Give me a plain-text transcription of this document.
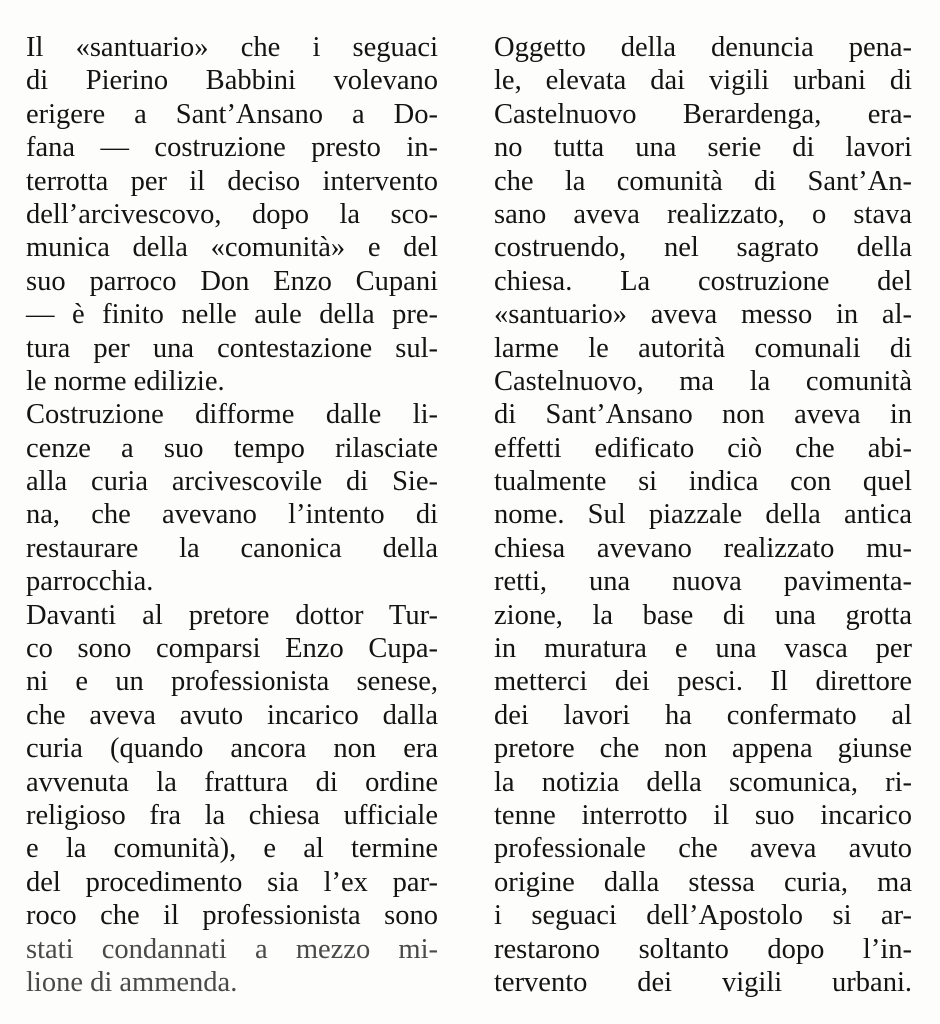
Il «santuario» che i seguaci
di Pierino Babbini volevano
erigere a Sant’Ansano a Do-
fana — costruzione presto in-
terrotta per il deciso intervento
dell’arcivescovo, dopo la sco-
munica della «comunità» e del
suo parroco Don Enzo Cupani
— è finito nelle aule della pre-
tura per una contestazione sul-
le norme edilizie.
Costruzione difforme dalle li-
cenze a suo tempo rilasciate
alla curia arcivescovile di Sie-
na, che avevano l’intento di
restaurare la canonica della
parrocchia.
Davanti al pretore dottor Tur-
co sono comparsi Enzo Cupa-
ni e un professionista senese,
che aveva avuto incarico dalla
curia (quando ancora non era
avvenuta la frattura di ordine
religioso fra la chiesa ufficiale
e la comunità), e al termine
del procedimento sia l’ex par-
roco che il professionista sono
stati condannati a mezzo mi-
lione di ammenda.
Oggetto della denuncia pena-
le, elevata dai vigili urbani di
Castelnuovo Berardenga, era-
no tutta una serie di lavori
che la comunità di Sant’An-
sano aveva realizzato, o stava
costruendo, nel sagrato della
chiesa. La costruzione del
«santuario» aveva messo in al-
larme le autorità comunali di
Castelnuovo, ma la comunità
di Sant’Ansano non aveva in
effetti edificato ciò che abi-
tualmente si indica con quel
nome. Sul piazzale della antica
chiesa avevano realizzato mu-
retti, una nuova pavimenta-
zione, la base di una grotta
in muratura e una vasca per
metterci dei pesci. Il direttore
dei lavori ha confermato al
pretore che non appena giunse
la notizia della scomunica, ri-
tenne interrotto il suo incarico
professionale che aveva avuto
origine dalla stessa curia, ma
i seguaci dell’Apostolo si ar-
restarono soltanto dopo l’in-
tervento dei vigili urbani.
